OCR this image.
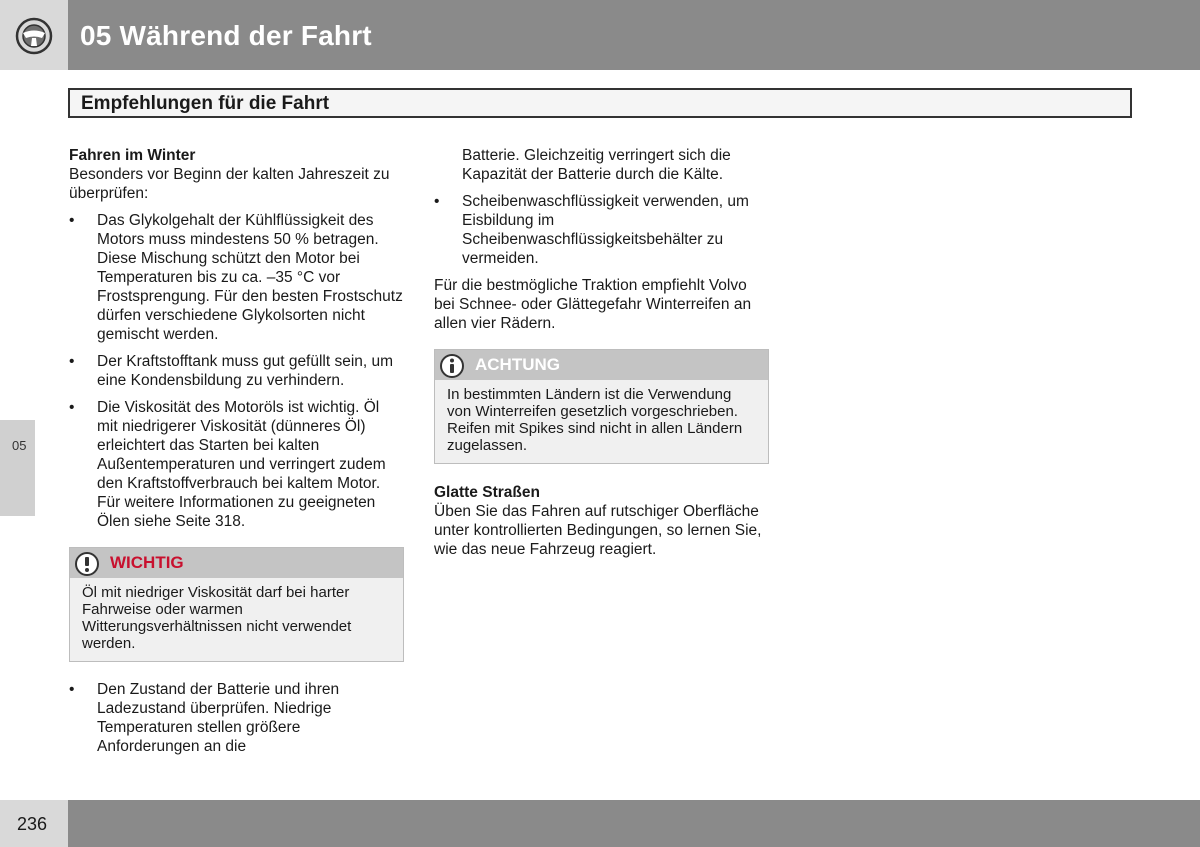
05 Während der Fahrt
Empfehlungen für die Fahrt
05
236
Fahren im Winter

Besonders vor Beginn der kalten Jahreszeit zu überprüfen:

• Das Glykolgehalt der Kühlflüssigkeit des Motors muss mindestens 50 % betragen. Diese Mischung schützt den Motor bei Temperaturen bis zu ca. –35 °C vor Frostsprengung. Für den besten Frostschutz dürfen verschiedene Glykolsorten nicht gemischt werden.
• Der Kraftstofftank muss gut gefüllt sein, um eine Kondensbildung zu verhindern.
• Die Viskosität des Motoröls ist wichtig. Öl mit niedrigerer Viskosität (dünneres Öl) erleichtert das Starten bei kalten Außentemperaturen und verringert zudem den Kraftstoffverbrauch bei kaltem Motor. Für weitere Informationen zu geeigneten Ölen siehe Seite 318.
WICHTIG
Öl mit niedriger Viskosität darf bei harter Fahrweise oder warmen Witterungsverhältnissen nicht verwendet werden.
• Den Zustand der Batterie und ihren Ladezustand überprüfen. Niedrige Temperaturen stellen größere Anforderungen an die

Batterie. Gleichzeitig verringert sich die Kapazität der Batterie durch die Kälte.

• Scheibenwaschflüssigkeit verwenden, um Eisbildung im Scheibenwaschflüssigkeitsbehälter zu vermeiden.

Für die bestmögliche Traktion empfiehlt Volvo bei Schnee- oder Glättegefahr Winterreifen an allen vier Rädern.

ACHTUNG
In bestimmten Ländern ist die Verwendung von Winterreifen gesetzlich vorgeschrieben. Reifen mit Spikes sind nicht in allen Ländern zugelassen.
Glatte Straßen

Üben Sie das Fahren auf rutschiger Oberfläche unter kontrollierten Bedingungen, so lernen Sie, wie das neue Fahrzeug reagiert.
